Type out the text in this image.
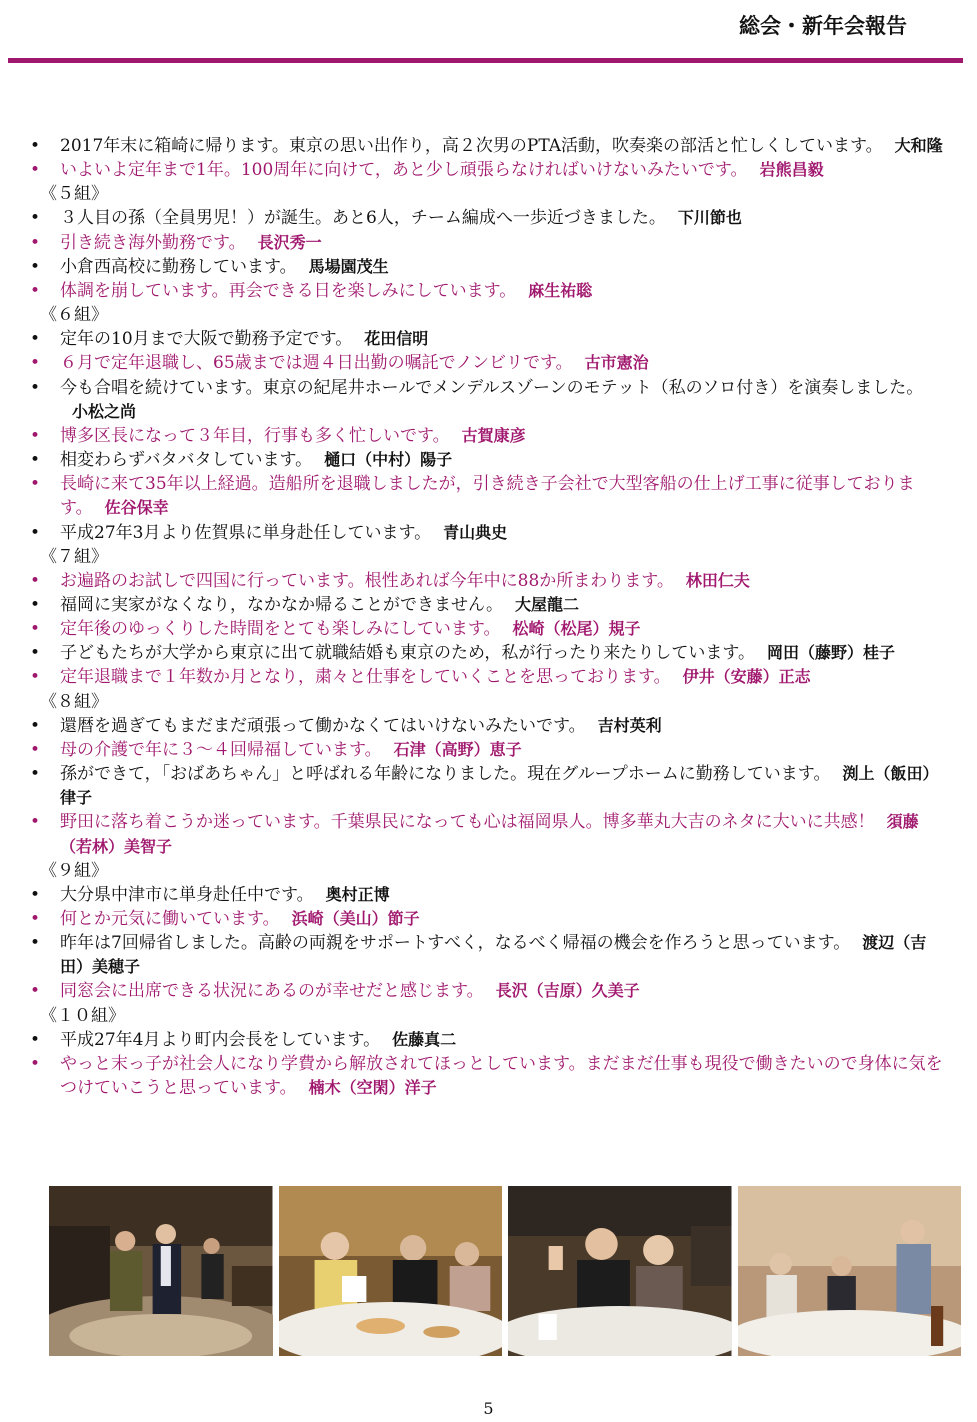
総会・新年会報告
•	2017年末に箱崎に帰ります。東京の思い出作り，高２次男のPTA活動，吹奏楽の部活と忙しくしています。 大和隆
•	いよいよ定年まで1年。100周年に向けて，あと少し頑張らなければいけないみたいです。 岩熊昌毅
《５組》
•	３人目の孫（全員男児！）が誕生。あと6人，チーム編成へ一歩近づきました。 下川節也
•	引き続き海外勤務です。 長沢秀一
•	小倉西高校に勤務しています。 馬場園茂生
•	体調を崩しています。再会できる日を楽しみにしています。 麻生祐聡
《６組》
•	定年の10月まで大阪で勤務予定です。 花田信明
•	６月で定年退職し、65歳までは週４日出勤の嘱託でノンビリです。 古市憲治
•	今も合唱を続けています。東京の紀尾井ホールでメンデルスゾーンのモテット（私のソロ付き）を演奏しました。小松之尚
•	博多区長になって３年目，行事も多く忙しいです。 古賀康彦
•	相変わらずバタバタしています。 樋口（中村）陽子
•	長崎に来て35年以上経過。造船所を退職しましたが，引き続き子会社で大型客船の仕上げ工事に従事しております。 佐谷保幸
•	平成27年3月より佐賀県に単身赴任しています。 青山典史
《７組》
•	お遍路のお試しで四国に行っています。根性あれば今年中に88か所まわります。 林田仁夫
•	福岡に実家がなくなり，なかなか帰ることができません。 大屋龍二
•	定年後のゆっくりした時間をとても楽しみにしています。 松崎（松尾）規子
•	子どもたちが大学から東京に出て就職結婚も東京のため，私が行ったり来たりしています。 岡田（藤野）桂子
•	定年退職まで１年数か月となり，粛々と仕事をしていくことを思っております。 伊井（安藤）正志
《８組》
•	還暦を過ぎてもまだまだ頑張って働かなくてはいけないみたいです。 吉村英利
•	母の介護で年に３～４回帰福しています。 石津（高野）恵子
•	孫ができて，「おばあちゃん」と呼ばれる年齢になりました。現在グループホームに勤務しています。 渕上（飯田）律子
•	野田に落ち着こうか迷っています。千葉県民になっても心は福岡県人。博多華丸大吉のネタに大いに共感！ 須藤（若林）美智子
《９組》
•	大分県中津市に単身赴任中です。 奥村正博
•	何とか元気に働いています。 浜崎（美山）節子
•	昨年は7回帰省しました。高齢の両親をサポートすべく，なるべく帰福の機会を作ろうと思っています。 渡辺（吉田）美穂子
•	同窓会に出席できる状況にあるのが幸せだと感じます。 長沢（吉原）久美子
《１０組》
•	平成27年4月より町内会長をしています。 佐藤真二
•	やっと末っ子が社会人になり学費から解放されてほっとしています。まだまだ仕事も現役で働きたいので身体に気をつけていこうと思っています。 楠木（空閑）洋子
5
